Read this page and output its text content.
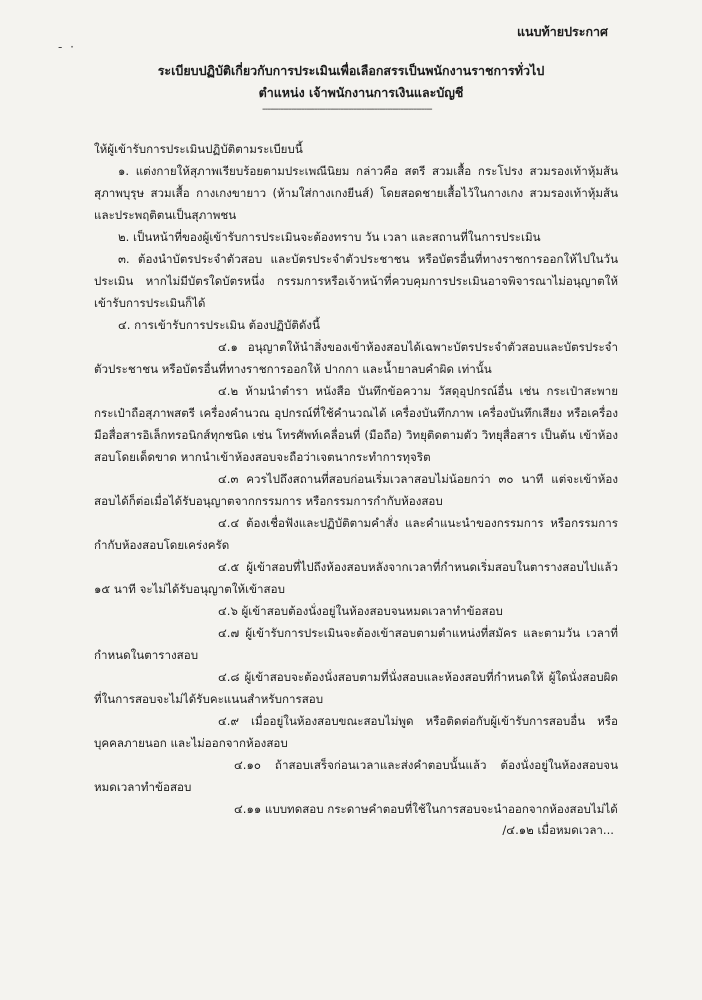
แนบท้ายประกาศ
- ·
ระเบียบปฏิบัติเกี่ยวกับการประเมินเพื่อเลือกสรรเป็นพนักงานราชการทั่วไป
ตำแหน่ง เจ้าพนักงานการเงินและบัญชี
-----------------------------------------------------------------

ให้ผู้เข้ารับการประเมินปฏิบัติตามระเบียบนี้

๑. แต่งกายให้สุภาพเรียบร้อยตามประเพณีนิยม กล่าวคือ สตรี สวมเสื้อ กระโปรง สวมรองเท้าหุ้มส้น สุภาพบุรุษ สวมเสื้อ กางเกงขายาว (ห้ามใส่กางเกงยีนส์) โดยสอดชายเสื้อไว้ในกางเกง สวมรองเท้าหุ้มส้นและประพฤติตนเป็นสุภาพชน

๒. เป็นหน้าที่ของผู้เข้ารับการประเมินจะต้องทราบ วัน เวลา และสถานที่ในการประเมิน

๓. ต้องนำบัตรประจำตัวสอบ และบัตรประจำตัวประชาชน หรือบัตรอื่นที่ทางราชการออกให้ไปในวันประเมิน หากไม่มีบัตรใดบัตรหนึ่ง กรรมการหรือเจ้าหน้าที่ควบคุมการประเมินอาจพิจารณาไม่อนุญาตให้เข้ารับการประเมินก็ได้

๔. การเข้ารับการประเมิน ต้องปฏิบัติดังนี้

๔.๑ อนุญาตให้นำสิ่งของเข้าห้องสอบได้เฉพาะบัตรประจำตัวสอบและบัตรประจำตัวประชาชน หรือบัตรอื่นที่ทางราชการออกให้ ปากกา และน้ำยาลบคำผิด เท่านั้น

๔.๒ ห้ามนำตำรา หนังสือ บันทึกข้อความ วัสดุอุปกรณ์อื่น เช่น กระเป๋าสะพาย กระเป๋าถือสุภาพสตรี เครื่องคำนวณ อุปกรณ์ที่ใช้คำนวณได้ เครื่องบันทึกภาพ เครื่องบันทึกเสียง หรือเครื่องมือสื่อสารอิเล็กทรอนิกส์ทุกชนิด เช่น โทรศัพท์เคลื่อนที่ (มือถือ) วิทยุติดตามตัว วิทยุสื่อสาร เป็นต้น เข้าห้องสอบโดยเด็ดขาด หากนำเข้าห้องสอบจะถือว่าเจตนากระทำการทุจริต

๔.๓ ควรไปถึงสถานที่สอบก่อนเริ่มเวลาสอบไม่น้อยกว่า ๓๐ นาที แต่จะเข้าห้องสอบได้ก็ต่อเมื่อได้รับอนุญาตจากกรรมการ หรือกรรมการกำกับห้องสอบ

๔.๔ ต้องเชื่อฟังและปฏิบัติตามคำสั่ง และคำแนะนำของกรรมการ หรือกรรมการกำกับห้องสอบโดยเคร่งครัด

๔.๕ ผู้เข้าสอบที่ไปถึงห้องสอบหลังจากเวลาที่กำหนดเริ่มสอบในตารางสอบไปแล้ว ๑๕ นาที จะไม่ได้รับอนุญาตให้เข้าสอบ

๔.๖ ผู้เข้าสอบต้องนั่งอยู่ในห้องสอบจนหมดเวลาทำข้อสอบ

๔.๗ ผู้เข้ารับการประเมินจะต้องเข้าสอบตามตำแหน่งที่สมัคร และตามวัน เวลาที่กำหนดในตารางสอบ

๔.๘ ผู้เข้าสอบจะต้องนั่งสอบตามที่นั่งสอบและห้องสอบที่กำหนดให้ ผู้ใดนั่งสอบผิดที่ในการสอบจะไม่ได้รับคะแนนสำหรับการสอบ

๔.๙ เมื่ออยู่ในห้องสอบขณะสอบไม่พูด หรือติดต่อกับผู้เข้ารับการสอบอื่น หรือบุคคลภายนอก และไม่ออกจากห้องสอบ

๔.๑๐ ถ้าสอบเสร็จก่อนเวลาและส่งคำตอบนั้นแล้ว ต้องนั่งอยู่ในห้องสอบจนหมดเวลาทำข้อสอบ

๔.๑๑ แบบทดสอบ กระดาษคำตอบที่ใช้ในการสอบจะนำออกจากห้องสอบไม่ได้

/๔.๑๒ เมื่อหมดเวลา...
